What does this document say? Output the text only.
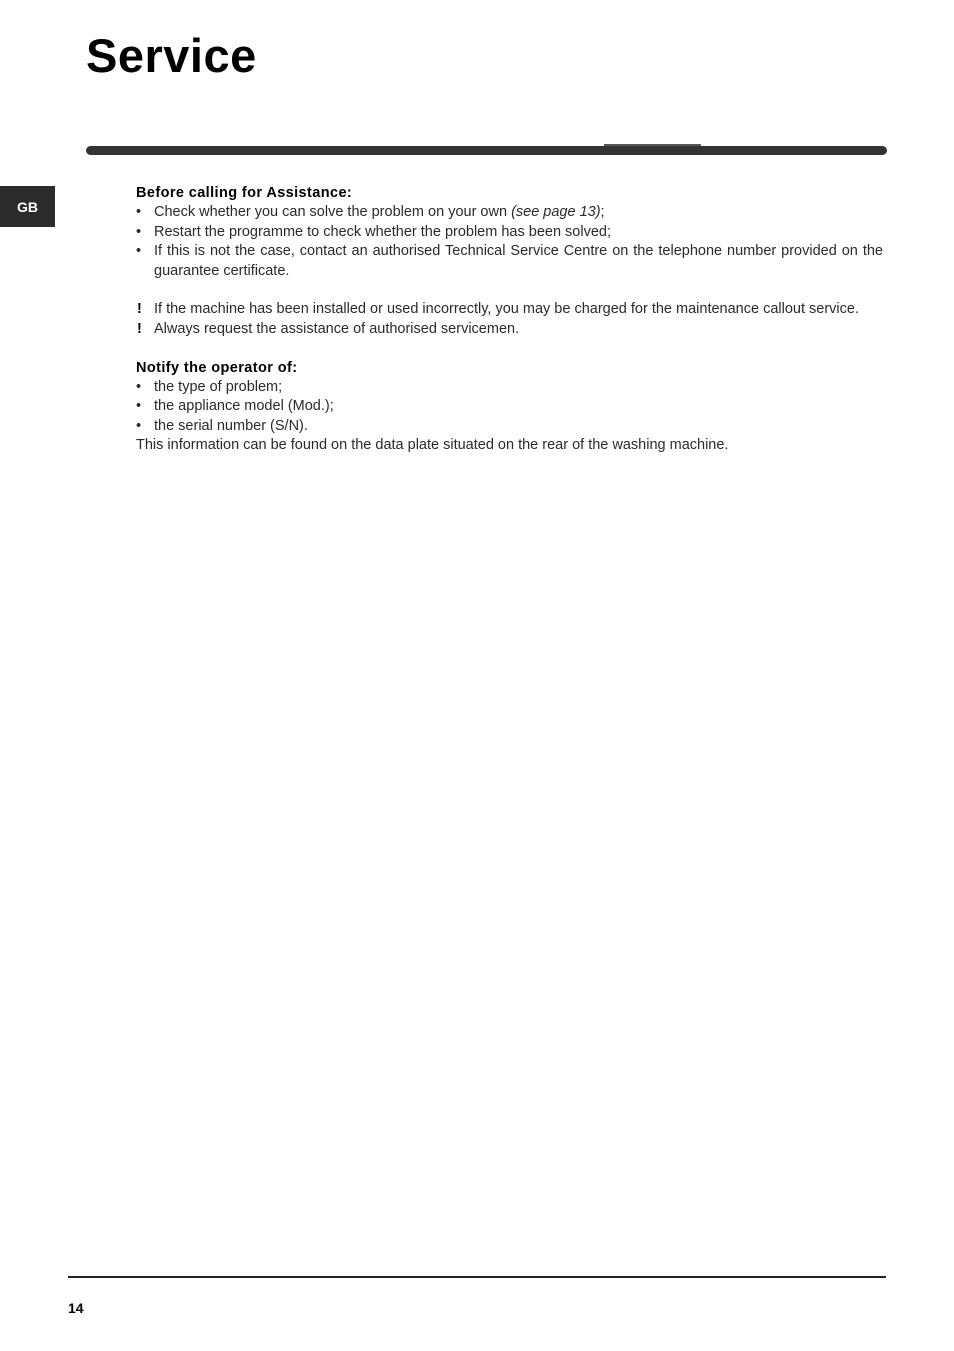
Service
GB
Before calling for Assistance:
• Check whether you can solve the problem on your own (see page 13);
• Restart the programme to check whether the problem has been solved;
• If this is not the case, contact an authorised Technical Service Centre on the telephone number provided on the guarantee certificate.
! If the machine has been installed or used incorrectly, you may be charged for the maintenance callout service.
! Always request the assistance of authorised servicemen.
Notify the operator of:
• the type of problem;
• the appliance model (Mod.);
• the serial number (S/N).
This information can be found on the data plate situated on the rear of the washing machine.
14
